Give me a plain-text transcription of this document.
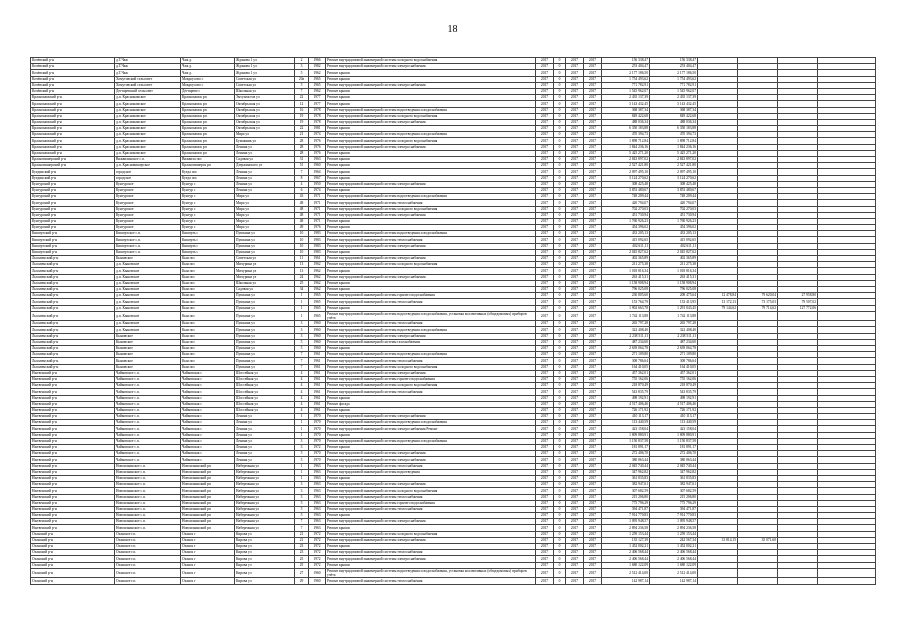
18
Кочёвский р-н	д.Т.Чаж	Чаж д.	Жданова 1 ул	2	1966	Ремонт внутридомовой инженерной системы холодного водоснабжения	2017	0	2017	2017	156 338,47	156 338,47				
Кочёвский р-н	д.Т.Чаж	Чаж д.	Жданова 1 ул	3	1982	Ремонт внутридомовой инженерной системы электроснабжения	2017	0	2017	2017	253 404,47	253 404,47				
Кочёвский р-н	д.Т.Чаж	Чаж д.	Жданова 1 ул	5	1962	Ремонт крыши	2017	0	2017	2017	2 177 186,50	2 177 186,50				
Кочёвский р-н	Хомутовский сельсовет	Мокроусово с	Советская ул	20а	1965	Ремонт крыши	2017	0	2017	2017	1 754 493,62	1 754 493,62				
Кочёвский р-н	Хомутовский сельсовет	Мокроусово с	Советская ул	5	1965	Ремонт внутридомовой инженерной системы электроснабжения	2017	0	2017	2017	771 782,91	771 782,91				
Кочёвский р-н	Дегтяревский сельсовет	Дегтярево с	Школьная ул	7	1962	Ремонт крыши	2017	0	2017	2017	1 545 962,07	1 545 962,07				
Краснокамский р-н	д.п. Краснокамское	Краснокамск рп	Энтузиастов ул	22	1977	Ремонт крыши	2017	0	2017	2017	2 435 137,39	2 435 137,39				
Краснокамский р-н	д.п. Краснокамское	Краснокамск рп	Октябрьская ул	12	1977	Ремонт крыши	2017	0	2017	2017	3 143 432,45	3 143 432,45				
Краснокамский р-н	д.п. Краснокамское	Краснокамск рп	Октябрьская ул	16	1978	Ремонт внутридомовой инженерной системы водоотведения и водоснабжения	2017	0	2017	2017	368 387,34	368 387,34				
Краснокамский р-н	д.п. Краснокамское	Краснокамск рп	Октябрьская ул	19	1978	Ремонт внутридомовой инженерной системы холодного водоснабжения	2017	0	2017	2017	849 422,68	849 422,68				
Краснокамский р-н	д.п. Краснокамское	Краснокамск рп	Октябрьская ул	19	1978	Ремонт внутридомовой инженерной системы электроснабжения	2017	0	2017	2017	488 036,34	488 036,34				
Краснокамский р-н	д.п. Краснокамское	Краснокамск рп	Октябрьская ул	22	1981	Ремонт крыши	2017	0	2017	2017	6 350 183,88	6 350 183,88				
Краснокамский р-н	д.п. Краснокамское	Краснокамск рп	Мира ул	21	1974	Ремонт внутридомовой инженерной системы водоотведения и водоснабжения	2017	0	2017	2017	470 394,73	470 394,73				
Краснокамский р-н	д.п. Краснокамское	Краснокамск рп	Бумажник ул	28	1976	Ремонт внутридомовой инженерной системы холодного водоснабжения	2017	0	2017	2017	1 898 712,84	1 898 712,84				
Краснокамский р-н	д.п. Краснокамское	Краснокамск рп	Ленина ул	28	1976	Ремонт внутридомовой инженерной системы электроснабжения	2017	0	2017	2017	1 844 236,16	1 844 236,16				
Краснокамский р-н	д.п. Краснокамское	Краснокамск рп	Ленина ул	28	1976	Ремонт крыши	2017	0	2017	2017	5 425 271,20	5 425 271,20				
Красновишерский р-н	Вижаихинское с.п.	Вижаиха пос	Садовая ул	31	1963	Ремонт крыши	2017	0	2017	2017	2 843 897,02	2 843 897,02				
Красновишерский р-н	д.п. Красновишерское	Красновишерск рп	Дзержинского ул	51	1960	Ремонт крыши	2017	0	2017	2017	2 527 421,80	2 527 421,80				
Куединский р-н	городское	Куеда пос	Ленина ул	7	1964	Ремонт крыши	2017	0	2017	2017	2 097 495,10	2 097 495,10				
Куединский р-н	городское	Куеда пос	Ленина ул	8	1967	Ремонт крыши	2017	0	2017	2017	3 124 270,62	3 124 270,62				
Кунгурский р-н	Кунгурское	Кунгур с	Ленина ул	4	1950	Ремонт внутридомовой инженерной системы электроснабжения	2017	0	2017	2017	308 425,48	308 425,48				
Кунгурский р-н	Кунгурское	Кунгур с	Ленина ул	6	1974	Ремонт крыши	2017	0	2017	2017	3 853 480,67	3 853 480,67				
Кунгурский р-н	Кунгурское	Кунгур с	Мира ул	43	1971	Ремонт внутридомовой инженерной системы водоотведения и водоснабжения	2017	0	2017	2017	748 209,44	748 209,44				
Кунгурский р-н	Кунгурское	Кунгур с	Мира ул	48	1971	Ремонт внутридомовой инженерной системы теплоснабжения	2017	0	2017	2017	420 794,07	420 794,07				
Кунгурский р-н	Кунгурское	Кунгур с	Мира ул	48	1971	Ремонт внутридомовой инженерной системы холодного водоснабжения	2017	0	2017	2017	702 270,03	702 270,03				
Кунгурский р-н	Кунгурское	Кунгур с	Мира ул	48	1971	Ремонт внутридомовой инженерной системы электроснабжения	2017	0	2017	2017	451 730,94	451 730,94				
Кунгурский р-н	Кунгурское	Кунгур с	Мира ул	48	1971	Ремонт крыши	2017	0	2017	2017	1 760 926,23	1 760 926,23				
Кунгурский р-н	Кунгурское	Кунгур с	Мира ул	49	1976	Ремонт крыши	2017	0	2017	2017	454 396,02	454 396,02				
Кишертский р-н	Кишертское с.п.	Кишерть с	Пушкина ул	10	1983	Ремонт внутридомовой инженерной системы водоотведения и водоснабжения	2017	0	2017	2017	433 205,13	433 205,13				
Кишертский р-н	Кишертское с.п.	Кишерть с	Пушкина ул	10	1983	Ремонт внутридомовой инженерной системы теплоснабжения	2017	0	2017	2017	415 092,65	415 092,65				
Кишертский р-н	Кишертское с.п.	Кишерть с	Пушкина ул	10	1983	Ремонт внутридомовой инженерной системы электроснабжения	2017	0	2017	2017	402 611,11	402 611,11				
Кишертский р-н	Кишертское с.п.	Кишерть с	Пушкина ул	10	1983	Ремонт крыши	2017	0	2017	2017	2 045 827,62	2 045 827,62				
Лысьвенский р-н	Кыновское	Кын пос	Советская ул	11	1961	Ремонт внутридомовой инженерной системы электроснабжения	2017	0	2017	2017	402 365,89	402 365,89				
Лысьвенский р-н	д.п. Кыновское	Кын пос	Мичурина ул	13	1962	Ремонт внутридомовой инженерной системы холодного водоснабжения	2017	0	2017	2017	211 275,38	211 275,38				
Лысьвенский р-н	д.п. Кыновское	Кын пос	Мичурина ул	13	1962	Ремонт крыши	2017	0	2017	2017	1 018 816,34	1 018 816,34				
Лысьвенский р-н	д.п. Кыновское	Кын пос	Мичурина ул	24	1962	Ремонт внутридомовой инженерной системы электроснабжения	2017	0	2017	2017	263 415,31	263 415,31				
Лысьвенский р-н	д.п. Кыновское	Кын пос	Школьная ул	25	1962	Ремонт крыши	2017	0	2017	2017	1 158 908,94	1 158 908,94				
Лысьвенский р-н	д.п. Кыновское	Кын пос	Садовая ул	34	1962	Ремонт крыши	2017	0	2017	2017	796 025,08	796 025,08				
Лысьвенский р-н	д.п. Кыновское	Кын пос	Пушкина ул	1	1965	Ремонт внутридомовой инженерной системы горячего водоснабжения	2017	0	2017	2017	230 805,60	208 475,64	12 478,84	79 620,04	27 958,80	
Лысьвенский р-н	д.п. Кыновское	Кын пос	Пушкина ул	1	1965	Ремонт внутридомовой инженерной системы теплоснабжения	2017	0	2017	2017	153 764,79	133 413,95	13 172,13	73 175,03	79 507,02	
Лысьвенский р-н	д.п. Кыновское	Кын пос	Пушкина ул	1	1965	Ремонт крыши	2017	0	2017	2017	1 902 663,78	1 291 043,45	79 144,62	79 714,62	127 772,06	
Лысьвенский р-н	д.п. Кыновское	Кын пос	Пушкина ул	1	1965	Ремонт внутридомовой инженерной системы водоотведения и водоснабжения, установка коллективных (общедомовых) приборов учёта	2017	0	2017	2017	1 742 113,88	1 742 113,88				
Лысьвенский р-н	д.п. Кыновское	Кын пос	Пушкина ул	3	1960	Ремонт внутридомовой инженерной системы теплоснабжения	2017	0	2017	2017	265 797,28	265 797,28				
Лысьвенский р-н	д.п. Кыновское	Кын пос	Пушкина ул	3	1960	Ремонт внутридомовой инженерной системы водоотведения и водоснабжения	2017	0	2017	2017	322 408,40	322 408,40				
Лысьвенский р-н	Кыновское	Кын пос	Пушкина ул	3	1960	Ремонт внутридомовой инженерной системы электроснабжения	2017	0	2017	2017	2 238 511,11	2 238 511,11				
Лысьвенский р-н	Кыновское	Кын пос	Пушкина ул	5	1960	Ремонт внутридомовой инженерной системы газоснабжения	2017	0	2017	2017	487 234,60	487 234,60				
Лысьвенский р-н	Кыновское	Кын пос	Пушкина ул	5	1960	Ремонт крыши	2017	0	2017	2017	2 639 064,78	2 639 064,78				
Лысьвенский р-н	Кыновское	Кын пос	Пушкина ул	7	1961	Ремонт внутридомовой инженерной системы водоотведения и водоснабжения	2017	0	2017	2017	271 109,80	271 109,80				
Лысьвенский р-н	Кыновское	Кын пос	Пушкина ул	7	1961	Ремонт внутридомовой инженерной системы теплоснабжения	2017	0	2017	2017	308 786,64	308 786,64				
Лысьвенский р-н	Кыновское	Кын пос	Пушкина ул	7	1961	Ремонт внутридомовой инженерной системы холодного водоснабжения	2017	0	2017	2017	164 410,05	164 410,05				
Нытвенский р-н	Чайковское с.п.	Чайковская с	Шоссейная ул	4	1961	Ремонт внутридомовой инженерной системы электроснабжения	2017	0	2017	2017	457 362,01	457 362,01				
Нытвенский р-н	Чайковское с.п.	Чайковская с	Шоссейная ул	4	1961	Ремонт внутридомовой инженерной системы горячего водоснабжения	2017	0	2017	2017	755 162,06	755 162,06				
Нытвенский р-н	Чайковское с.п.	Чайковская с	Шоссейная ул	4	1961	Ремонт внутридомовой инженерной системы холодного водоснабжения	2017	0	2017	2017	218 870,49	218 870,49				
Нытвенский р-н	Чайковское с.п.	Чайковская с	Шоссейная ул	4	1961	Ремонт внутридомовой инженерной системы теплоснабжения	2017	0	2017	2017	543 835,79	543 835,79				
Нытвенский р-н	Чайковское с.п.	Чайковская с	Шоссейная ул	4	1961	Ремонт крыши	2017	0	2017	2017	498 192,91	498 192,91				
Нытвенский р-н	Чайковское с.п.	Чайковская с	Шоссейная ул	4	1961	Ремонт фасада	2017	0	2017	2017	4 517 406,46	4 517 406,46				
Нытвенский р-н	Чайковское с.п.	Чайковская с	Шоссейная ул	4	1961	Ремонт крыши	2017	0	2017	2017	726 171,92	726 171,92				
Нытвенский р-н	Чайковское с.п.	Чайковская с	Ленина ул	1	1970	Ремонт внутридомовой инженерной системы электроснабжения	2017	0	2017	2017	410 113,17	410 113,17				
Нытвенский р-н	Чайковское с.п.	Чайковская с	Ленина ул	1	1970	Ремонт внутридомовой инженерной системы водоотведения и водоснабжения	2017	0	2017	2017	113 440,59	113 440,59				
Нытвенский р-н	Чайковское с.п.	Чайковская с	Ленина ул	1	1970	Ремонт внутридомовой инженерной системы электроснабжения Ремонт	2017	0	2017	2017	423 158,04	423 158,04				
Нытвенский р-н	Чайковское с.п.	Чайковская с	Ленина ул	1	1970	Ремонт крыши	2017	0	2017	2017	1 809 880,91	1 809 880,91				
Нытвенский р-н	Чайковское с.п.	Чайковская с	Ленина ул	3	1970	Ремонт внутридомовой инженерной системы водоотведения и водоснабжения	2017	0	2017	2017	1 150 837,58	1 150 837,58				
Нытвенский р-н	Чайковское с.п.	Чайковская с	Ленина ул	3	1972	Ремонт крыши	2017	0	2017	2017	181 891,17	181 891,17				
Нытвенский р-н	Чайковское с.п.	Чайковская с	Ленина ул	5	1970	Ремонт внутридомовой инженерной системы электроснабжения	2017	0	2017	2017	272 406,70	272 406,70				
Нытвенский р-н	Чайковское с.п.	Чайковская с	Ленина ул	5	1970	Ремонт внутридомовой инженерной системы электроснабжения	2017	0	2017	2017	380 863,44	380 863,44				
Нытвенский р-н	Новоильинское с.п.	Новоильинский рп	Набережная ул	1	1963	Ремонт внутридомовой инженерной системы теплоснабжения	2017	0	2017	2017	2 045 740,44	2 045 740,44				
Нытвенский р-н	Новоильинское с.п.	Новоильинский рп	Набережная ул	1	1963	Ремонт внутридомовой инженерной системы водоотведения	2017	0	2017	2017	347 962,82	347 962,82				
Нытвенский р-н	Новоильинское с.п.	Новоильинский рп	Набережная ул	1	1963	Ремонт крыши	2017	0	2017	2017	361 835,83	361 835,83				
Нытвенский р-н	Новоильинское с.п.	Новоильинский рп	Набережная ул	3	1963	Ремонт внутридомовой инженерной системы электроснабжения	2017	0	2017	2017	382 947,61	382 947,61				
Нытвенский р-н	Новоильинское с.п.	Новоильинский рп	Набережная ул	3	1963	Ремонт внутридомовой инженерной системы холодного водоснабжения	2017	0	2017	2017	307 682,59	307 682,59				
Нытвенский р-н	Новоильинское с.п.	Новоильинский рп	Набережная ул	3	1963	Ремонт внутридомовой инженерной системы теплоснабжения	2017	0	2017	2017	215 206,80	215 206,80				
Нытвенский р-н	Новоильинское с.п.	Новоильинский рп	Набережная ул	5	1963	Ремонт внутридомовой инженерной системы горячего водоснабжения	2017	0	2017	2017	775 796,29	775 796,29				
Нытвенский р-н	Новоильинское с.п.	Новоильинский рп	Набережная ул	5	1963	Ремонт внутридомовой инженерной системы теплоснабжения	2017	0	2017	2017	394 471,87	394 471,87				
Нытвенский р-н	Новоильинское с.п.	Новоильинский рп	Набережная ул	5	1963	Ремонт крыши	2017	0	2017	2017	7 914 770,83	7 914 770,83				
Нытвенский р-н	Новоильинское с.п.	Новоильинский рп	Набережная ул	7	1963	Ремонт внутридомовой инженерной системы электроснабжения	2017	0	2017	2017	1 095 948,57	1 095 948,57				
Нытвенский р-н	Новоильинское с.п.	Новоильинский рп	Набережная ул	7	1963	Ремонт крыши	2017	0	2017	2017	2 894 236,58	2 894 236,58				
Оханский р-н	Оханское г.п.	Оханск г	Кирова ул	21	1972	Ремонт внутридомовой инженерной системы холодного водоснабжения	2017	0	2017	2017	1 259 153,44	1 259 153,44				
Оханский р-н	Оханское г.п.	Оханск г	Кирова ул	21	1972	Ремонт внутридомовой инженерной системы электроснабжения	2017	0	2017	2017	135 127,39	242 567,34	31 814,15	35 071,60		
Оханский р-н	Оханское г.п.	Оханск г	Кирова ул	23	1972	Ремонт крыши	2017	0	2017	2017	1 452 002,21	1 452 002,21				
Оханский р-н	Оханское г.п.	Оханск г	Кирова ул	23	1972	Ремонт внутридомовой инженерной системы теплоснабжения	2017	0	2017	2017	2 406 568,44	2 406 568,44				
Оханский р-н	Оханское г.п.	Оханск г	Кирова ул	25	1972	Ремонт внутридомовой инженерной системы электроснабжения	2017	0	2017	2017	2 406 568,44	2 406 568,44				
Оханский р-н	Оханское г.п.	Оханск г	Кирова ул	25	1972	Ремонт крыши	2017	0	2017	2017	1 680 122,09	1 680 122,09				
Оханский р-н	Оханское г.п.	Оханск г	Кирова ул	27	1960	Ремонт внутридомовой инженерной системы водоотведения и водоснабжения, установка коллективных (общедомовых) приборов учёта	2017	0	2017	2017	2 512 414,00	2 512 414,00				
Оханский р-н	Оханское г.п.	Оханск г	Кирова ул	29	1960	Ремонт внутридомовой инженерной системы теплоснабжения	2017	0	2017	2017	142 987,14	142 987,14				
